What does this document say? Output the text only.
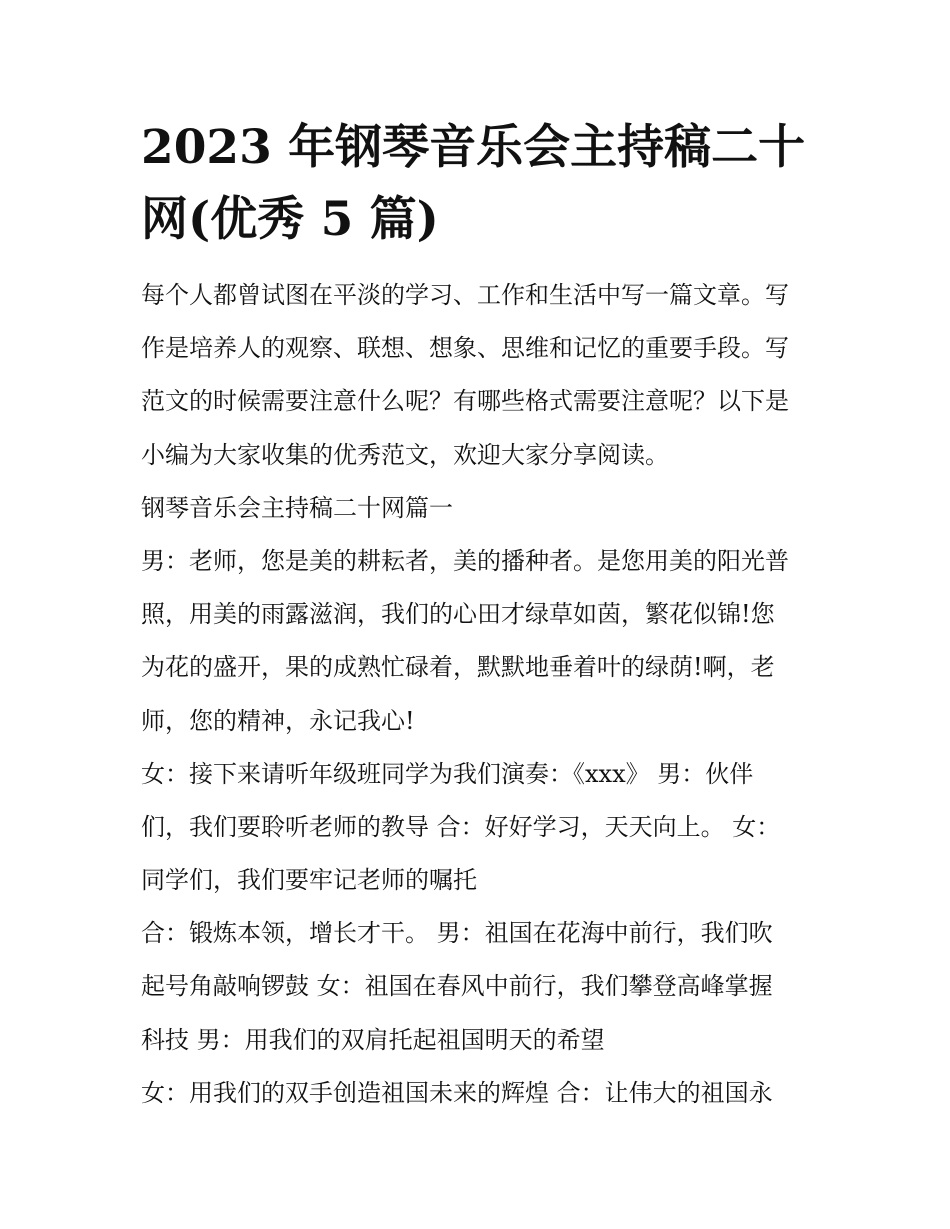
2023 年钢琴音乐会主持稿二十
网(优秀 5 篇)
每个人都曾试图在平淡的学习、工作和生活中写一篇文章。写
作是培养人的观察、联想、想象、思维和记忆的重要手段。写
范文的时候需要注意什么呢？有哪些格式需要注意呢？以下是
小编为大家收集的优秀范文，欢迎大家分享阅读。
钢琴音乐会主持稿二十网篇一
男：老师，您是美的耕耘者，美的播种者。是您用美的阳光普
照，用美的雨露滋润，我们的心田才绿草如茵，繁花似锦!您
为花的盛开，果的成熟忙碌着，默默地垂着叶的绿荫!啊，老
师，您的精神，永记我心!
女：接下来请听年级班同学为我们演奏：《xxx》 男：伙伴
们，我们要聆听老师的教导 合：好好学习，天天向上。 女：
同学们，我们要牢记老师的嘱托
合：锻炼本领，增长才干。 男：祖国在花海中前行，我们吹
起号角敲响锣鼓 女：祖国在春风中前行，我们攀登高峰掌握
科技 男：用我们的双肩托起祖国明天的希望
女：用我们的双手创造祖国未来的辉煌 合：让伟大的祖国永
